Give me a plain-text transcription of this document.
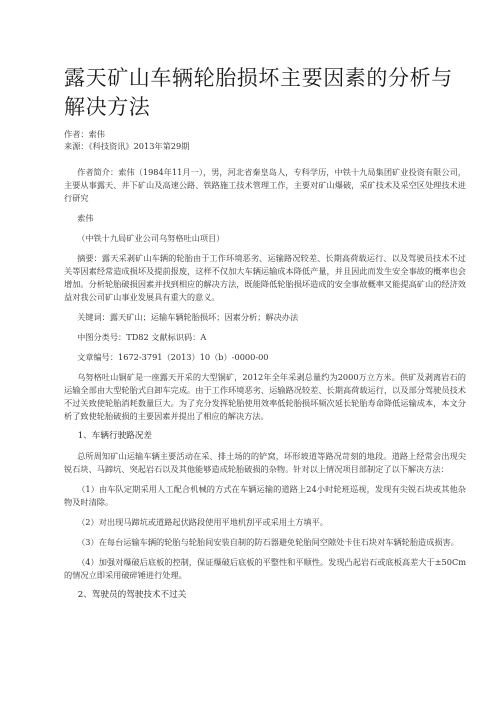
露天矿山车辆轮胎损坏主要因素的分析与解决方法
作者：索伟
来源：《科技资讯》2013年第29期

作者简介：索伟（1984年11月一），男，河北省秦皇岛人，专科学历，中铁十九局集团矿业投资有限公司，主要从事露天、井下矿山及高速公路、铁路施工技术管理工作，主要对矿山爆破，采矿技术及采空区处理技术进行研究

索伟

（中铁十九局矿业公司乌努格吐山项目）

摘要：露天采剥矿山车辆的轮胎由于工作环境恶劣、运输路况较差、长期高荷载运行、以及驾驶员技术不过关等因素经常造成损坏及提前报废，这样不仅加大车辆运输成本降低产量，并且因此而发生安全事故的概率也会增加。分析轮胎破损因素并找到相应的解决方法，既能降低轮胎损坏造成的安全事故概率又能提高矿山的经济效益对我公司矿山事业发展具有重大的意义。

关键词：露天矿山；运输车辆轮胎损坏；因素分析；解决办法

中图分类号：TD82 文献标识码：A

文章编号：1672-3791（2013）10（b）-0000-00

乌努格吐山铜矿是一座露天开采的大型铜矿，2012年全年采剥总量约为2000万立方米。供矿及剥离岩石的运输全部由大型轮胎式自卸车完成。由于工作环境恶劣、运输路况较差、长期高荷载运行，以及部分驾驶员技术不过关致使轮胎消耗数量巨大。为了充分发挥轮胎使用效率低轮胎损坏频次延长轮胎寿命降低运输成本，本文分析了致使轮胎破损的主要因素并提出了相应的解决方法。

1、车辆行驶路况差

总所周知矿山运输车辆主要活动在采、排土场的的铲窝，坏形坡道等路况苛刻的地段。道路上经常会出现尖锐石块、马蹄坑、突起岩石以及其他能够造成轮胎破损的杂物。针对以上情况项目部制定了以下解决方法：

（1）由车队定期采用人工配合机械的方式在车辆运输的道路上24小时轮班巡视，发现有尖锐石块或其他杂物及时清除。

（2）对出现马蹄坑或道路起伏路段使用平地机刮平或采用土方填平。

（3）在每台运输车辆的轮胎与轮胎间安装自制的防石器避免轮胎间空隙处卡住石块对车辆轮胎造成损害。

（4）加强对爆破后底板的控制，保证爆破后底板的平整性和平顺性。发现凸起岩石或底板高差大于±50Cm的情况立即采用破碎锤进行处理。

2、驾驶员的驾驶技术不过关
